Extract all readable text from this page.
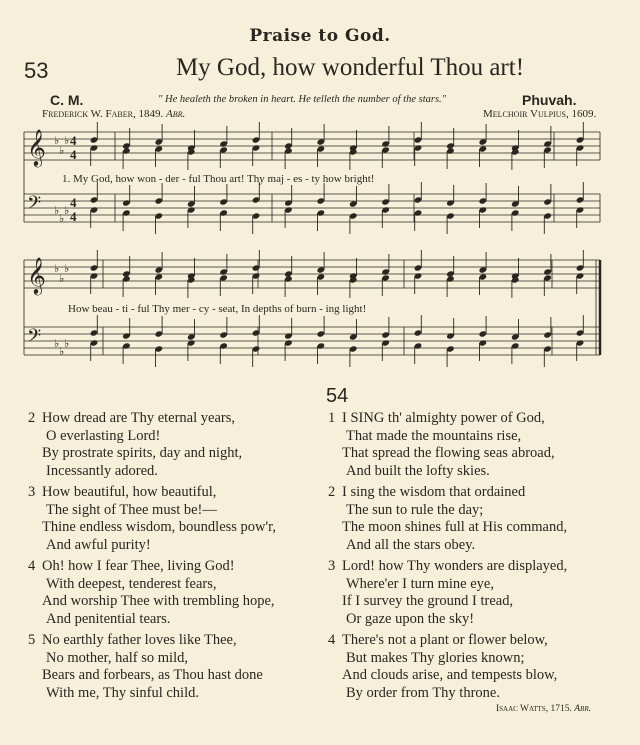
Praise to God.
53	My God, how wonderful Thou art!
C. M.	" He healeth the broken in heart. He telleth the number of the stars."	Phuvah.
Frederick W. Faber, 1849. Abr.	Melchoir Vulpius, 1609.
𝄞 ♭
♭
♭ 4
4
𝄢 ♭
♭
♭
4
4
𝄞 ♭
♭
♭
𝄢 ♭
♭
♭
1. My God, how won - der - ful Thou art! Thy maj - es - ty how bright!
How beau - ti - ful Thy mer - cy - seat, In depths of burn - ing light!
2 How dread are Thy eternal years,
O everlasting Lord!
By prostrate spirits, day and night,
Incessantly adored.
3 How beautiful, how beautiful,
The sight of Thee must be!—
Thine endless wisdom, boundless pow'r,
And awful purity!
4 Oh! how I fear Thee, living God!
With deepest, tenderest fears,
And worship Thee with trembling hope,
And penitential tears.
5 No earthly father loves like Thee,
No mother, half so mild,
Bears and forbears, as Thou hast done
With me, Thy sinful child.
54
1 I SING th' almighty power of God,
That made the mountains rise,
That spread the flowing seas abroad,
And built the lofty skies.
2 I sing the wisdom that ordained
The sun to rule the day;
The moon shines full at His command,
And all the stars obey.
3 Lord! how Thy wonders are displayed,
Where'er I turn mine eye,
If I survey the ground I tread,
Or gaze upon the sky!
4 There's not a plant or flower below,
But makes Thy glories known;
And clouds arise, and tempests blow,
By order from Thy throne.
Isaac Watts, 1715. Abr.
